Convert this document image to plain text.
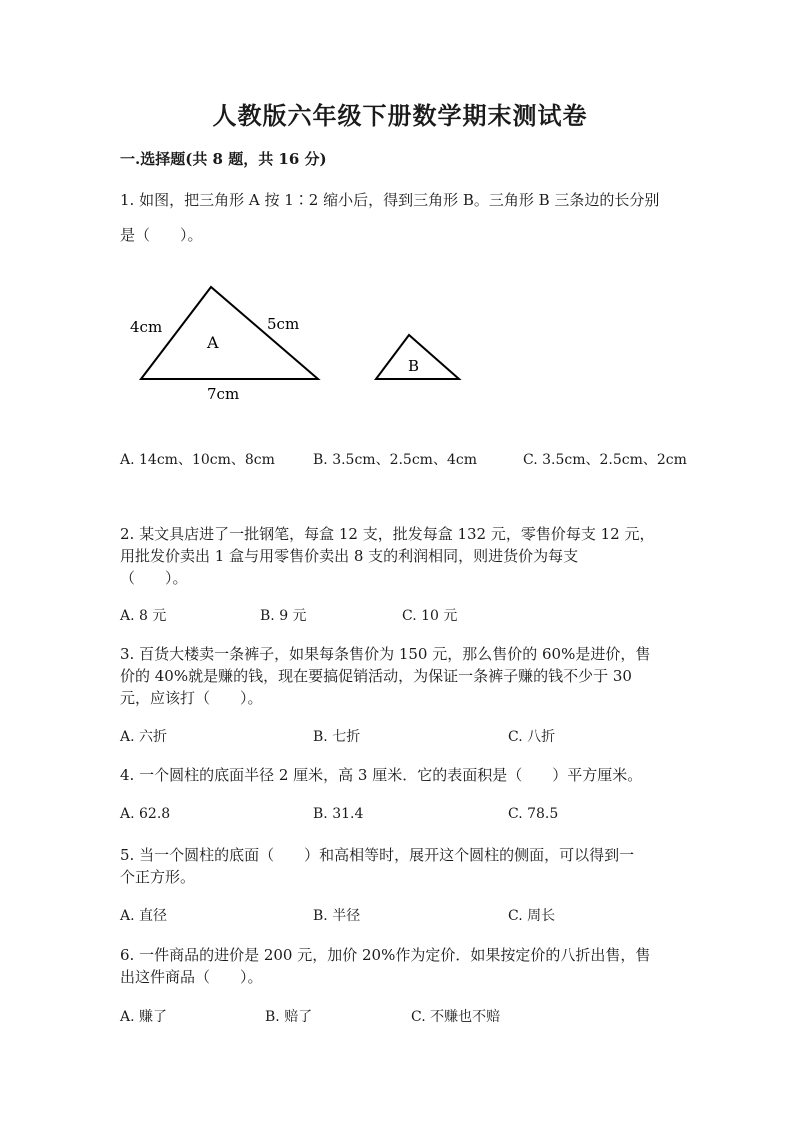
人教版六年级下册数学期末测试卷
一.选择题(共 8 题，共 16 分)
1. 如图，把三角形 A 按 1∶2 缩小后，得到三角形 B。三角形 B 三条边的长分别
是（　　）。
4cm	5cm
7cm
A
B
A. 14cm、10cm、8cm	B. 3.5cm、2.5cm、4cm	C. 3.5cm、2.5cm、2cm
2. 某文具店进了一批钢笔，每盒 12 支，批发每盒 132 元，零售价每支 12 元，
用批发价卖出 1 盒与用零售价卖出 8 支的利润相同，则进货价为每支
（　　）。
A. 8 元	B. 9 元	C. 10 元
3. 百货大楼卖一条裤子，如果每条售价为 150 元，那么售价的 60%是进价，售
价的 40%就是赚的钱，现在要搞促销活动，为保证一条裤子赚的钱不少于 30
元，应该打（　　）。
A. 六折	B. 七折	C. 八折
4. 一个圆柱的底面半径 2 厘米，高 3 厘米．它的表面积是（　　）平方厘米。
A. 62.8	B. 31.4	C. 78.5
5. 当一个圆柱的底面（　　）和高相等时，展开这个圆柱的侧面，可以得到一
个正方形。
A. 直径	B. 半径	C. 周长
6. 一件商品的进价是 200 元，加价 20%作为定价．如果按定价的八折出售，售
出这件商品（　　）。
A. 赚了	B. 赔了	C. 不赚也不赔
